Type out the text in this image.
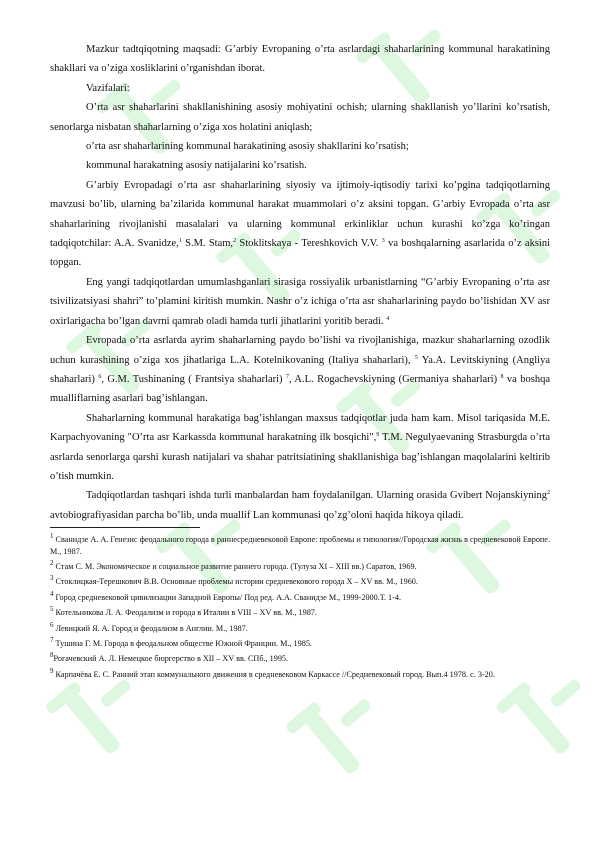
Mazkur tadtqiqotning maqsadi: G’arbiy Evropaning o’rta asrlardagi shaharlarining kommunal harakatining shakllari va o’ziga xosliklarini o’rganishdan iborat.

Vazifalari:

O’rta asr shaharlarini shakllanishining asosiy mohiyatini ochish; ularning shakllanish yo’llarini ko’rsatish, senorlarga nisbatan shaharlarning o’ziga xos holatini aniqlash;

o’rta asr shaharlarining kommunal harakatining asosiy shakllarini ko’rsatish;

kommunal harakatning asosiy natijalarini ko’rsatish.

G’arbiy Evropadagi o’rta asr shaharlarining siyosiy va ijtimoiy-iqtisodiy tarixi ko’pgina tadqiqotlarning mavzusi bo’lib, ularning ba’zilarida kommunal harakat muammolari o’z aksini topgan. G’arbiy Evropada o’rta asr shaharlarining rivojlanishi masalalari va ularning kommunal erkinliklar uchun kurashi ko’zga ko’ringan tadqiqotchilar: A.A. Svanidze,$^1$ S.M. Stam,$^2$ Stoklitskaya - Tereshkovich V.V. $^3$ va boshqalarning asarlarida o’z aksini topgan.

Eng yangi tadqiqotlardan umumlashganlari sirasiga rossiyalik urbanistlarning “G’arbiy Evropaning o’rta asr tsivilizatsiyasi shahri” to’plamini kiritish mumkin. Nashr o’z ichiga o’rta asr shaharlarining paydo bo’lishidan XV asr oxirlarigacha bo’lgan davrni qamrab oladi hamda turli jihatlarini yoritib beradi. $^4$

Evropada o’rta asrlarda ayrim shaharlarning paydo bo’lishi va rivojlanishiga, mazkur shaharlarning ozodlik uchun kurashining o’ziga xos jihatlariga L.A. Kotelnikovaning (Italiya shaharlari), $^5$ Ya.A. Levitskiyning (Angliya shaharlari) $^6$, G.M. Tushinaning ( Frantsiya shaharlari) $^7$, A.L. Rogachevskiyning (Germaniya shaharlari) $^8$ va boshqa mualliflarning asarlari bag’ishlangan.

Shaharlarning kommunal harakatiga bag’ishlangan maxsus tadqiqotlar juda ham kam. Misol tariqasida M.E. Karpachyovaning "O’rta asr Karkassda kommunal harakatning ilk bosqichi",$^9$ T.M. Negulyaevaning Strasburgda o’rta asrlarda senorlarga qarshi kurash natijalari va shahar patritsiatining shakllanishiga bag’ishlangan maqolalarini keltirib o’tish mumkin.

Tadqiqotlardan tashqari ishda turli manbalardan ham foydalanilgan. Ularning orasida Gvibert Nojanskiyning$^2$ avtobiografiyasidan parcha bo’lib, unda muallif Lan kommunasi qo’zg’oloni haqida hikoya qiladi.

$^1$ Сванидзе А. А. Генезис феодального города в раннесредневековой Европе: проблемы и типология//Городская жизнь в средневековой Европе. М., 1987.
$^2$ Стам С. М. Экономическое и социальное развитие раннего города. (Тулуза XI – XIII вв.) Саратов, 1969.
$^3$ Стоклицкая-Терешкович В.В. Основные проблемы истории средневекового города X – XV вв. М., 1960.
$^4$ Город средневековой цивилизации Западной Европы/ Под ред. А.А. Сванидзе М., 1999-2000.Т. 1-4.
$^5$ Котельникова Л. А. Феодализм и города в Италии в VIII – XV вв. М., 1987.
$^6$ Левицкий Я. А. Город и феодализм в Англии. М., 1987.
$^7$ Тушина Г. М. Города в феодальном обществе Южной Франции. М., 1985.
$^8$Рогачевский А. Л. Немецкое бюргерство в XII – XV вв. СПб., 1995.
$^9$ Карпачёва Е. С. Ранний этап коммунального движения в средневековом Каркассе //Средневековый город. Вып.4 1978. с. 3-20.
